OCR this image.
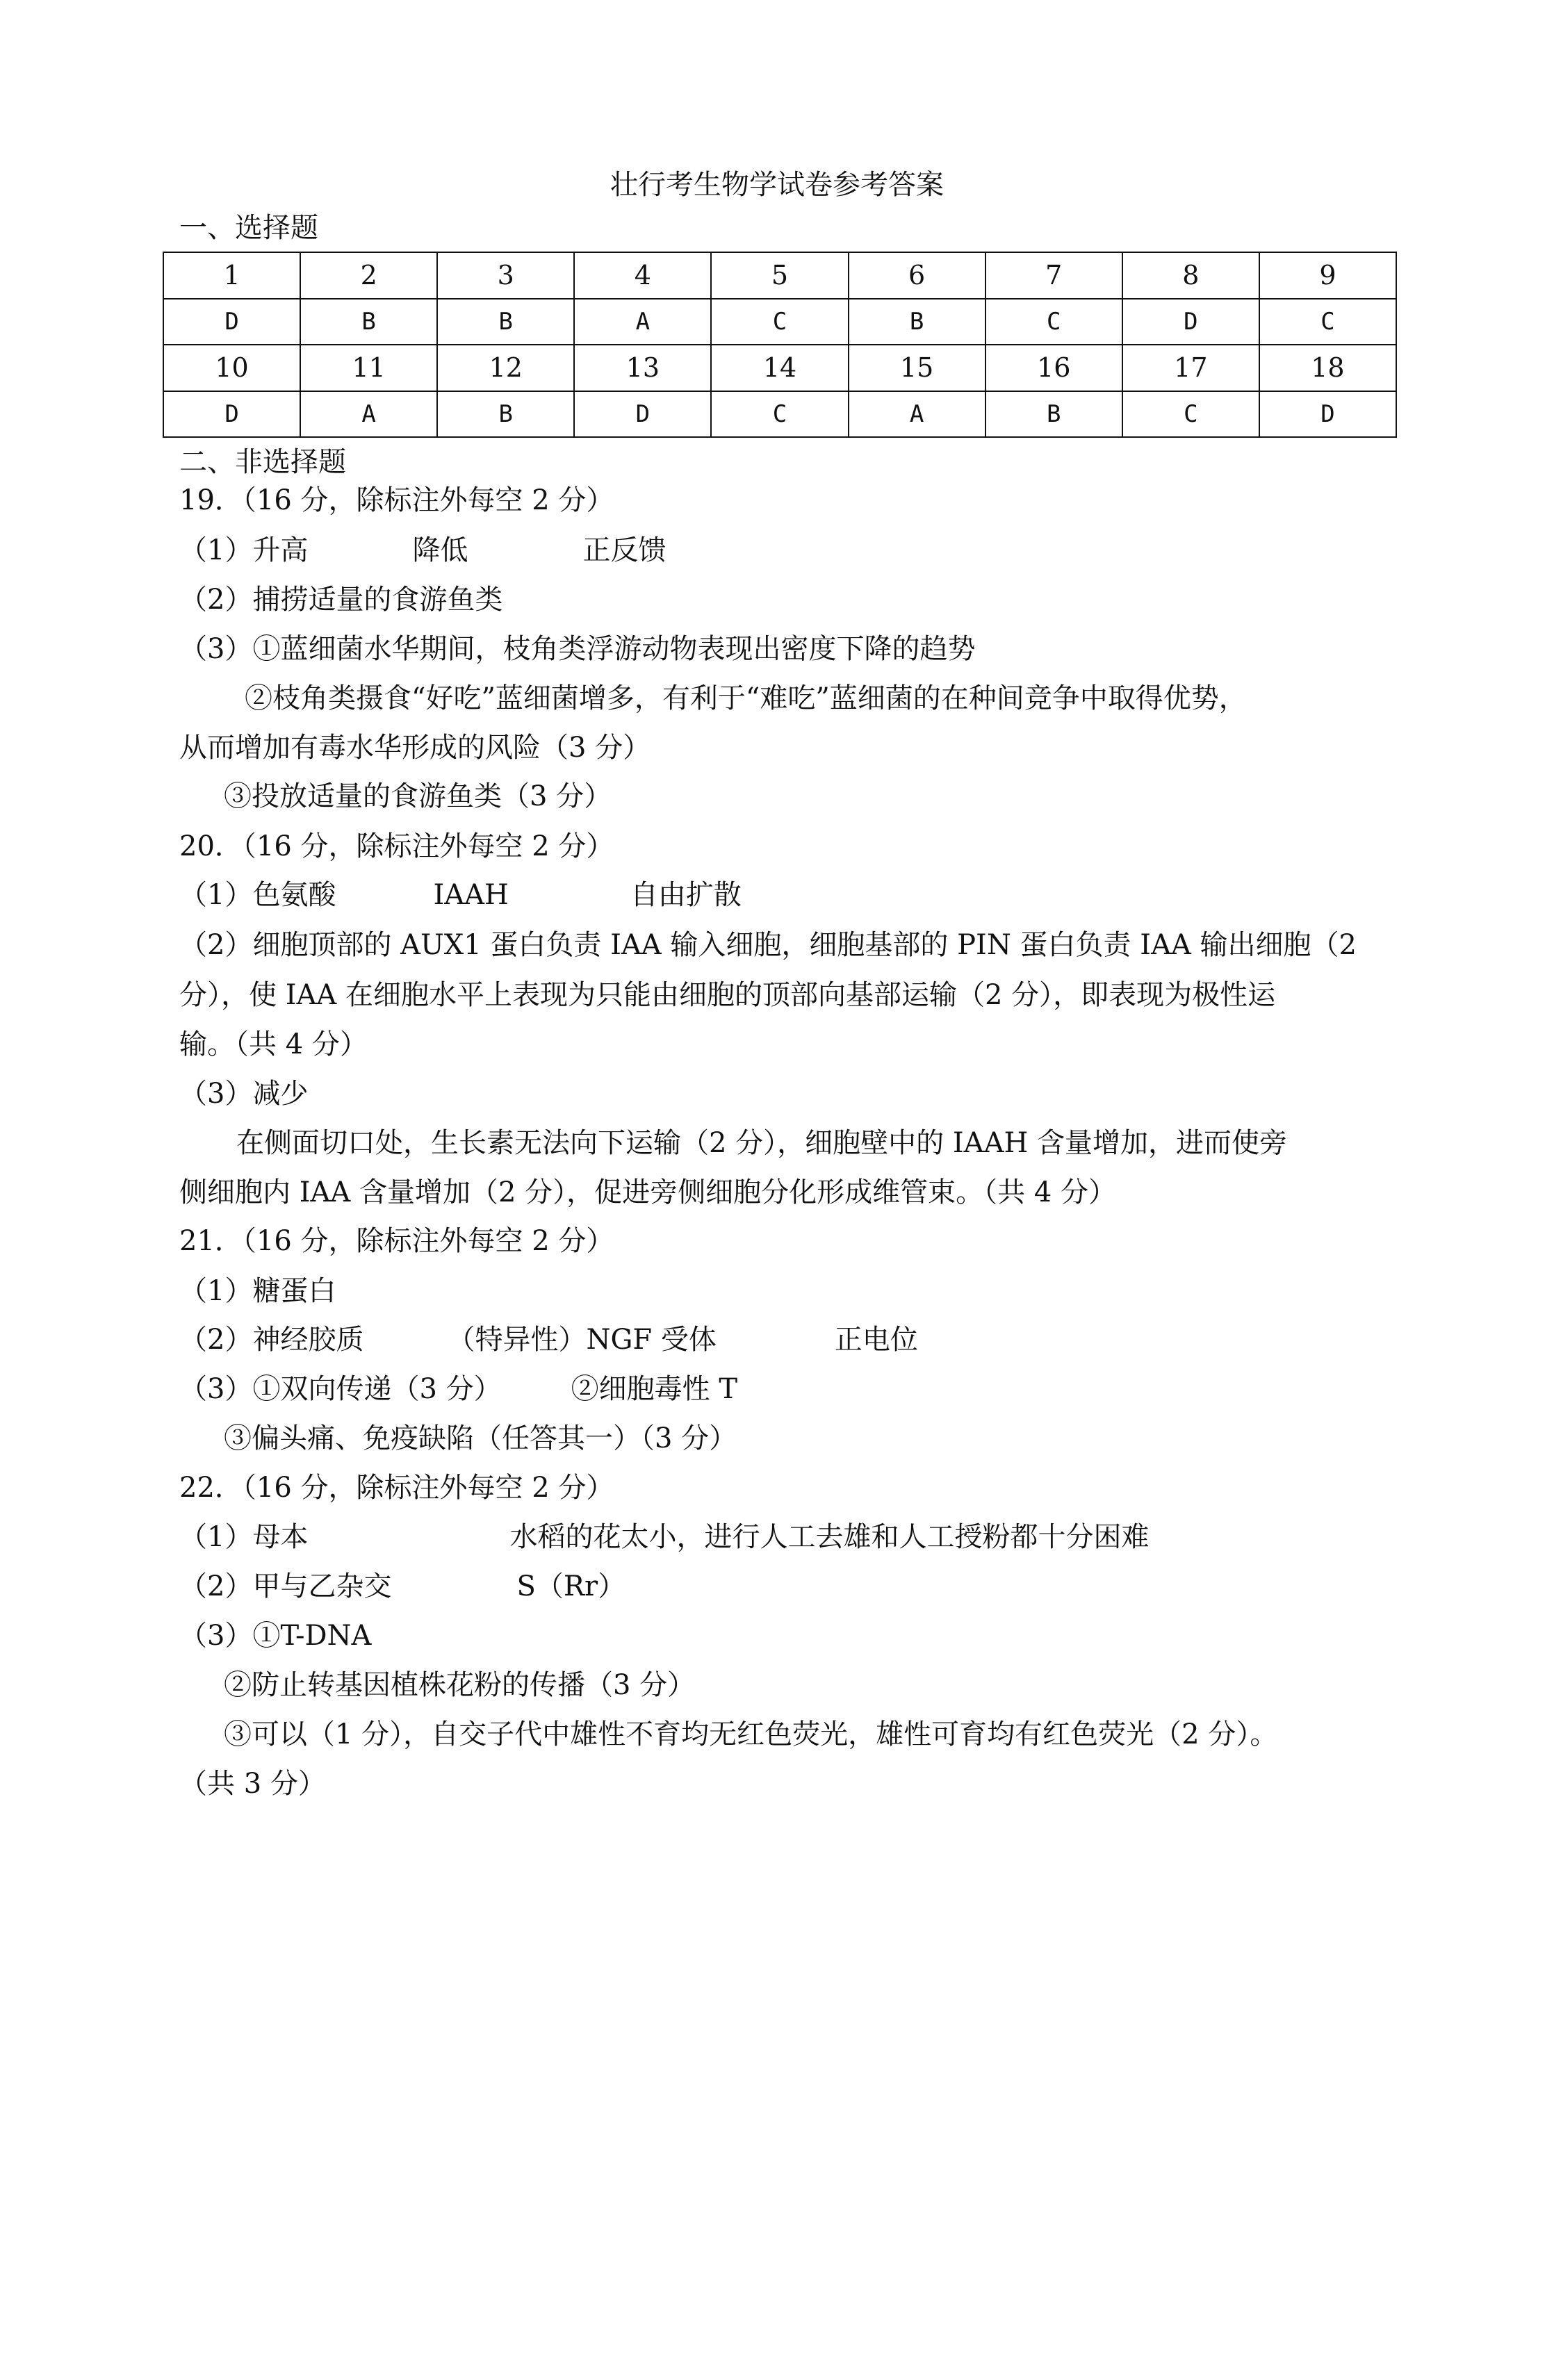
壮行考生物学试卷参考答案
一、选择题
1	2	3	4	5	6	7	8	9
D	B	B	A	C	B	C	D	C
10	11	12	13	14	15	16	17	18
D	A	B	D	C	A	B	C	D
二、非选择题
19．（16 分，除标注外每空 2 分）
（1）升高	降低	正反馈
（2）捕捞适量的食游鱼类
（3）①蓝细菌水华期间，枝角类浮游动物表现出密度下降的趋势
②枝角类摄食“好吃”蓝细菌增多，有利于“难吃”蓝细菌的在种间竞争中取得优势，
从而增加有毒水华形成的风险（3 分）
③投放适量的食游鱼类（3 分）
20．（16 分，除标注外每空 2 分）
（1）色氨酸	IAAH	自由扩散
（2）细胞顶部的 AUX1 蛋白负责 IAA 输入细胞，细胞基部的 PIN 蛋白负责 IAA 输出细胞（2
分），使 IAA 在细胞水平上表现为只能由细胞的顶部向基部运输（2 分），即表现为极性运
输。（共 4 分）
（3）减少
在侧面切口处，生长素无法向下运输（2 分），细胞壁中的 IAAH 含量增加，进而使旁
侧细胞内 IAA 含量增加（2 分），促进旁侧细胞分化形成维管束。（共 4 分）
21．（16 分，除标注外每空 2 分）
（1）糖蛋白
（2）神经胶质	（特异性）NGF 受体	正电位
（3）①双向传递（3 分）	②细胞毒性 T
③偏头痛、免疫缺陷（任答其一）（3 分）
22．（16 分，除标注外每空 2 分）
（1）母本	水稻的花太小，进行人工去雄和人工授粉都十分困难
（2）甲与乙杂交	S（Rr）
（3）①T-DNA
②防止转基因植株花粉的传播（3 分）
③可以（1 分），自交子代中雄性不育均无红色荧光，雄性可育均有红色荧光（2 分）。
（共 3 分）
